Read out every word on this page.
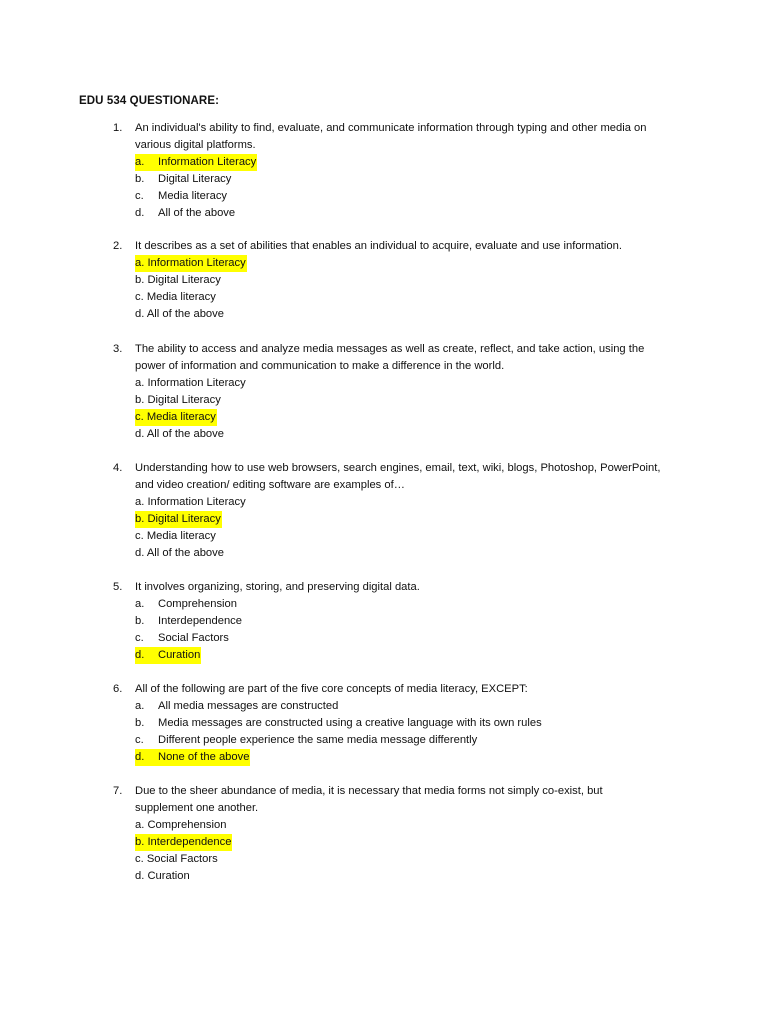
EDU 534 QUESTIONARE:
1. An individual's ability to find, evaluate, and communicate information through typing and other media on
various digital platforms.
a. Information Literacy
b. Digital Literacy
c. Media literacy
d. All of the above
2. It describes as a set of abilities that enables an individual to acquire, evaluate and use information.
a. Information Literacy
b. Digital Literacy
c. Media literacy
d. All of the above
3. The ability to access and analyze media messages as well as create, reflect, and take action, using the
power of information and communication to make a difference in the world.
a. Information Literacy
b. Digital Literacy
c. Media literacy
d. All of the above
4. Understanding how to use web browsers, search engines, email, text, wiki, blogs, Photoshop, PowerPoint,
and video creation/ editing software are examples of…
a. Information Literacy
b. Digital Literacy
c. Media literacy
d. All of the above
5. It involves organizing, storing, and preserving digital data.
a. Comprehension
b. Interdependence
c. Social Factors
d. Curation
6. All of the following are part of the five core concepts of media literacy, EXCEPT:
a. All media messages are constructed
b. Media messages are constructed using a creative language with its own rules
c. Different people experience the same media message differently
d. None of the above
7. Due to the sheer abundance of media, it is necessary that media forms not simply co-exist, but
supplement one another.
a. Comprehension
b. Interdependence
c. Social Factors
d. Curation
